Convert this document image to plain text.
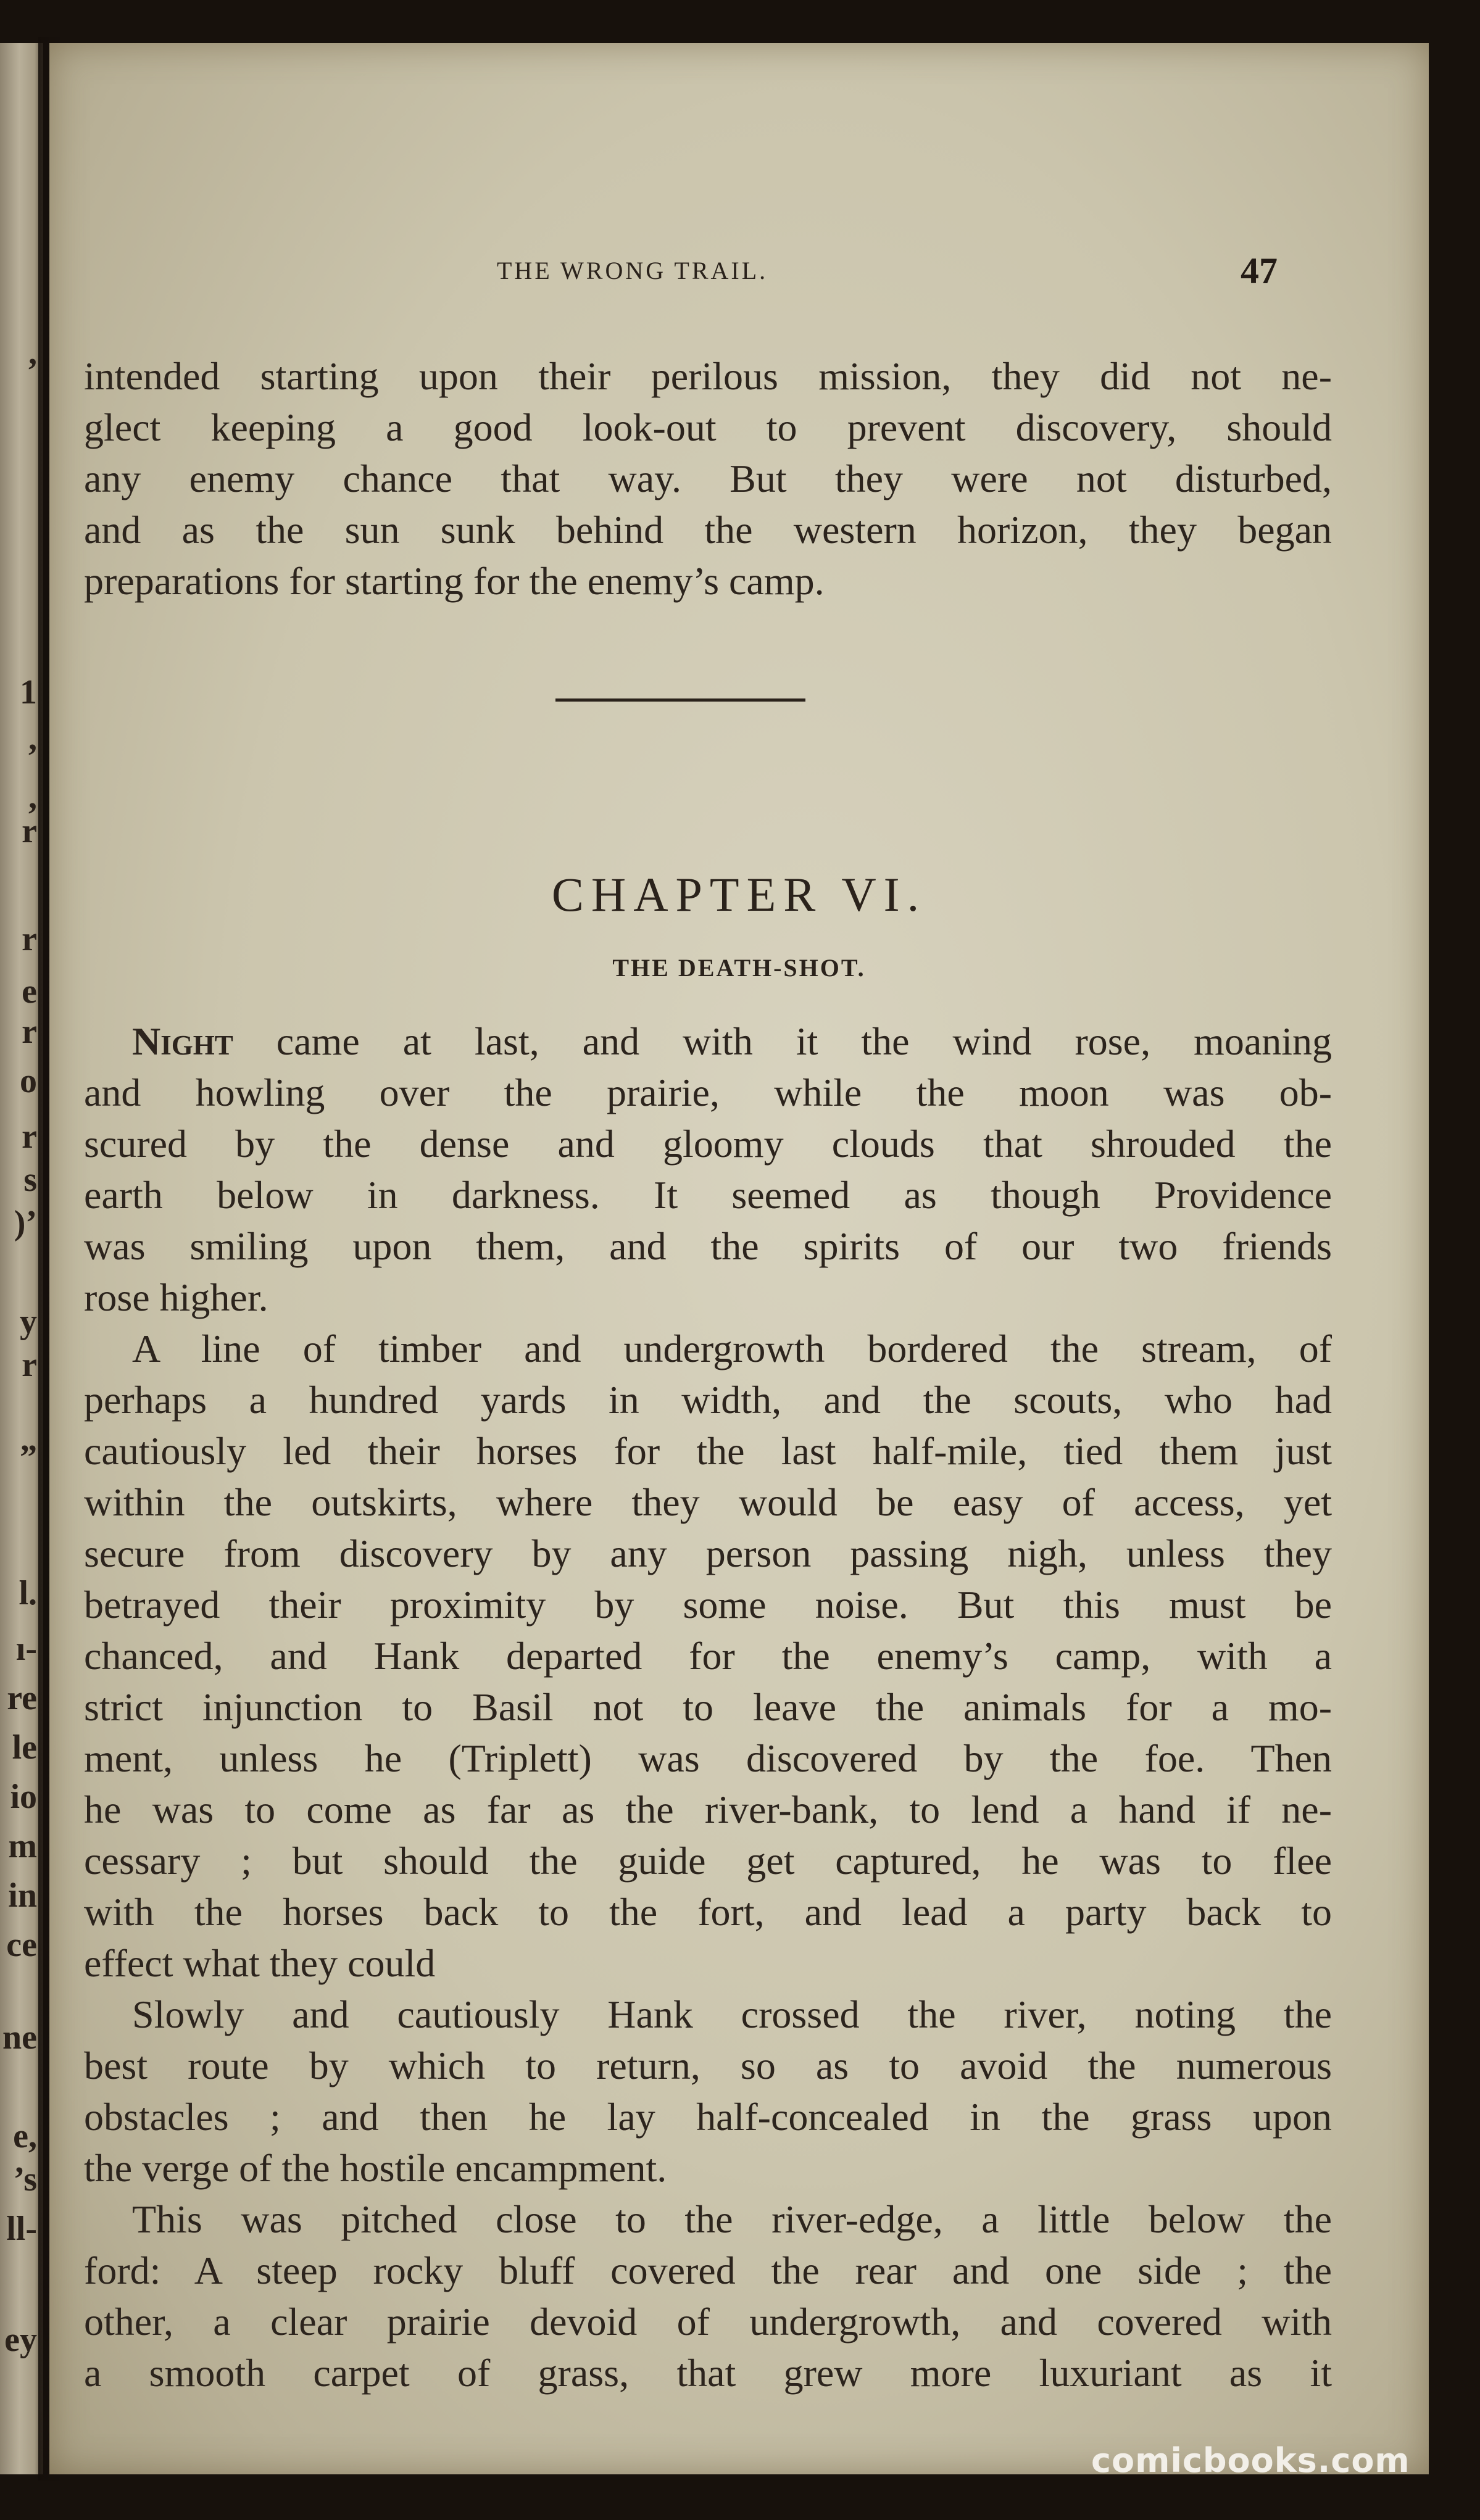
,
1
,
,
r
r
e
r
o
r
s
)’
y
r
”
l.
ı-
re
le
io
m
in
ce
ne
e,
’s
ll-
ey
THE WRONG TRAIL.	47
intended starting upon their perilous mission, they did not ne-
glect keeping a good look-out to prevent discovery, should
any enemy chance that way. But they were not disturbed,
and as the sun sunk behind the western horizon, they began
preparations for starting for the enemy’s camp.
CHAPTER VI.
THE DEATH-SHOT.
Night came at last, and with it the wind rose, moaning
and howling over the prairie, while the moon was ob-
scured by the dense and gloomy clouds that shrouded the
earth below in darkness. It seemed as though Providence
was smiling upon them, and the spirits of our two friends
rose higher.
A line of timber and undergrowth bordered the stream, of
perhaps a hundred yards in width, and the scouts, who had
cautiously led their horses for the last half-mile, tied them just
within the outskirts, where they would be easy of access, yet
secure from discovery by any person passing nigh, unless they
betrayed their proximity by some noise. But this must be
chanced, and Hank departed for the enemy’s camp, with a
strict injunction to Basil not to leave the animals for a mo-
ment, unless he (Triplett) was discovered by the foe. Then
he was to come as far as the river-bank, to lend a hand if ne-
cessary ; but should the guide get captured, he was to flee
with the horses back to the fort, and lead a party back to
effect what they could
Slowly and cautiously Hank crossed the river, noting the
best route by which to return, so as to avoid the numerous
obstacles ; and then he lay half-concealed in the grass upon
the verge of the hostile encampment.
This was pitched close to the river-edge, a little below the
ford: A steep rocky bluff covered the rear and one side ; the
other, a clear prairie devoid of undergrowth, and covered with
a smooth carpet of grass, that grew more luxuriant as it
comicbooks.com
